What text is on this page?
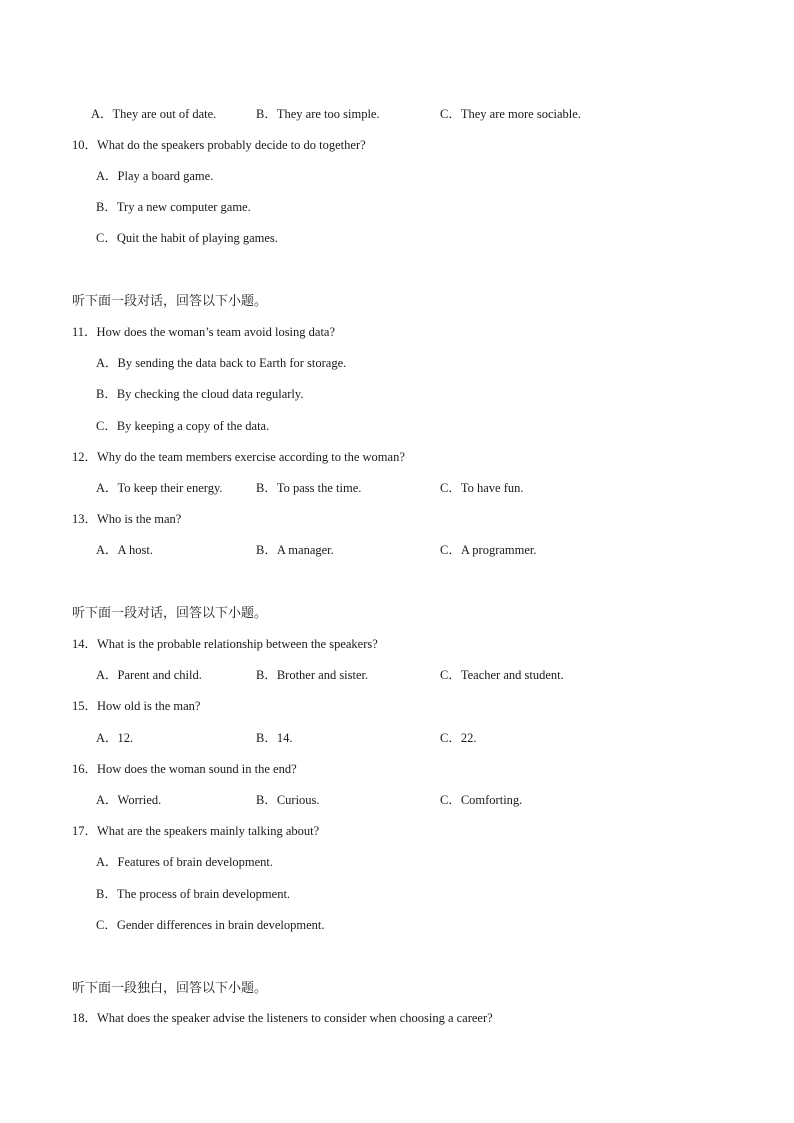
A．They are out of date.	B．They are too simple.	C．They are more sociable.
10．What do the speakers probably decide to do together?
A．Play a board game.
B．Try a new computer game.
C．Quit the habit of playing games.
听下面一段对话，回答以下小题。
11．How does the woman’s team avoid losing data?
A．By sending the data back to Earth for storage.
B．By checking the cloud data regularly.
C．By keeping a copy of the data.
12．Why do the team members exercise according to the woman?
A．To keep their energy.	B．To pass the time.	C．To have fun.
13．Who is the man?
A．A host.	B．A manager.	C．A programmer.
听下面一段对话，回答以下小题。
14．What is the probable relationship between the speakers?
A．Parent and child.	B．Brother and sister.	C．Teacher and student.
15．How old is the man?
A．12.	B．14.	C．22.
16．How does the woman sound in the end?
A．Worried.	B．Curious.	C．Comforting.
17．What are the speakers mainly talking about?
A．Features of brain development.
B．The process of brain development.
C．Gender differences in brain development.
听下面一段独白，回答以下小题。
18．What does the speaker advise the listeners to consider when choosing a career?
